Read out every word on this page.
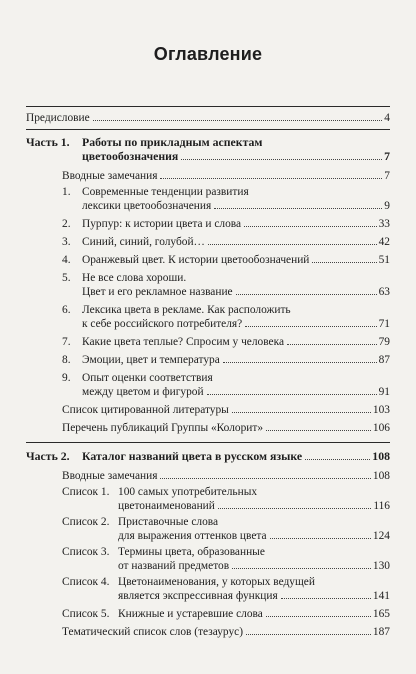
Оглавление
Предисловие	4
Часть 1. Работы по прикладным аспектам
цветообозначения	7
Вводные замечания	7
1. Современные тенденции развития
лексики цветообозначения	9
2. Пурпур: к истории цвета и слова	33
3. Синий, синий, голубой…	42
4. Оранжевый цвет. К истории цветообозначений	51
5. Не все слова хороши.
Цвет и его рекламное название	63
6. Лексика цвета в рекламе. Как расположить
к себе российского потребителя?	71
7. Какие цвета теплые? Спросим у человека	79
8. Эмоции, цвет и температура	87
9. Опыт оценки соответствия
между цветом и фигурой	91
Список цитированной литературы	103
Перечень публикаций Группы «Колорит»	106
Часть 2. Каталог названий цвета в русском языке	108
Вводные замечания	108
Список 1. 100 самых употребительных
цветонаименований	116
Список 2. Приставочные слова
для выражения оттенков цвета	124
Список 3. Термины цвета, образованные
от названий предметов	130
Список 4. Цветонаименования, у которых ведущей
является экспрессивная функция	141
Список 5. Книжные и устаревшие слова	165
Тематический список слов (тезаурус)	187
